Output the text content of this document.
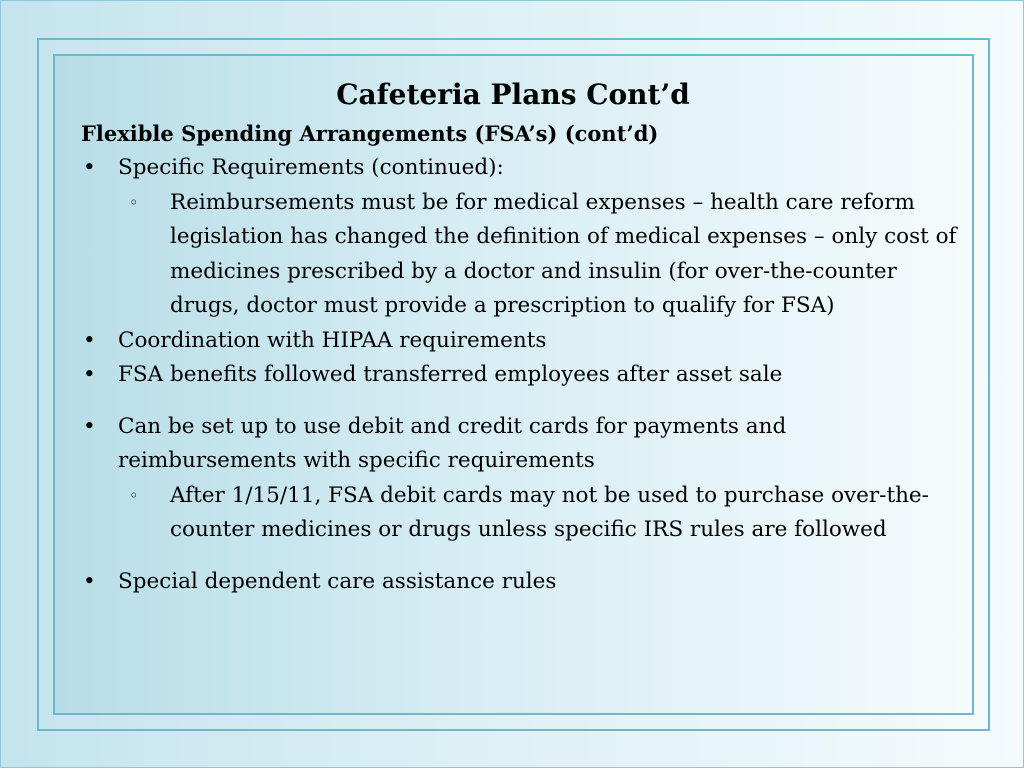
Cafeteria Plans Cont’d
Flexible Spending Arrangements (FSA’s) (cont’d)
• Specific Requirements (continued):
◦ Reimbursements must be for medical expenses – health care reform legislation has changed the definition of medical expenses – only cost of medicines prescribed by a doctor and insulin (for over-the-counter drugs, doctor must provide a prescription to qualify for FSA)
• Coordination with HIPAA requirements
• FSA benefits followed transferred employees after asset sale
• Can be set up to use debit and credit cards for payments and reimbursements with specific requirements
◦ After 1/15/11, FSA debit cards may not be used to purchase over-the-counter medicines or drugs unless specific IRS rules are followed
• Special dependent care assistance rules
